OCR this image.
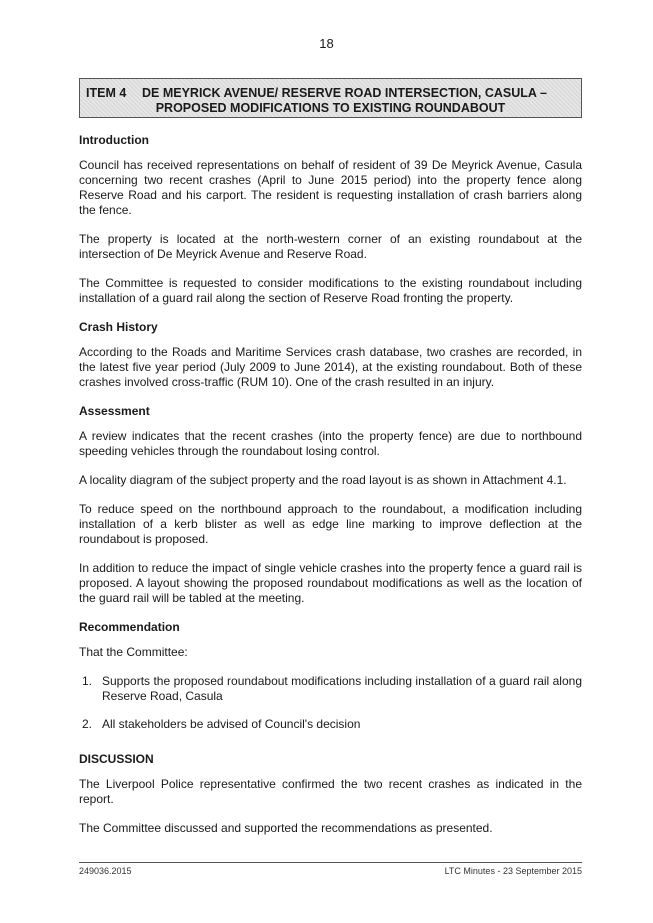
18
ITEM 4 DE MEYRICK AVENUE/ RESERVE ROAD INTERSECTION, CASULA –
PROPOSED MODIFICATIONS TO EXISTING ROUNDABOUT
Introduction

Council has received representations on behalf of resident of 39 De Meyrick Avenue, Casula concerning two recent crashes (April to June 2015 period) into the property fence along Reserve Road and his carport. The resident is requesting installation of crash barriers along the fence.

The property is located at the north-western corner of an existing roundabout at the intersection of De Meyrick Avenue and Reserve Road.

The Committee is requested to consider modifications to the existing roundabout including installation of a guard rail along the section of Reserve Road fronting the property.

Crash History

According to the Roads and Maritime Services crash database, two crashes are recorded, in the latest five year period (July 2009 to June 2014), at the existing roundabout. Both of these crashes involved cross-traffic (RUM 10). One of the crash resulted in an injury.

Assessment

A review indicates that the recent crashes (into the property fence) are due to northbound speeding vehicles through the roundabout losing control.

A locality diagram of the subject property and the road layout is as shown in Attachment 4.1.

To reduce speed on the northbound approach to the roundabout, a modification including installation of a kerb blister as well as edge line marking to improve deflection at the roundabout is proposed.

In addition to reduce the impact of single vehicle crashes into the property fence a guard rail is proposed. A layout showing the proposed roundabout modifications as well as the location of the guard rail will be tabled at the meeting.

Recommendation

That the Committee:

1. Supports the proposed roundabout modifications including installation of a guard rail along Reserve Road, Casula
2. All stakeholders be advised of Council's decision
DISCUSSION

The Liverpool Police representative confirmed the two recent crashes as indicated in the report.

The Committee discussed and supported the recommendations as presented.

249036.2015	LTC Minutes - 23 September 2015
